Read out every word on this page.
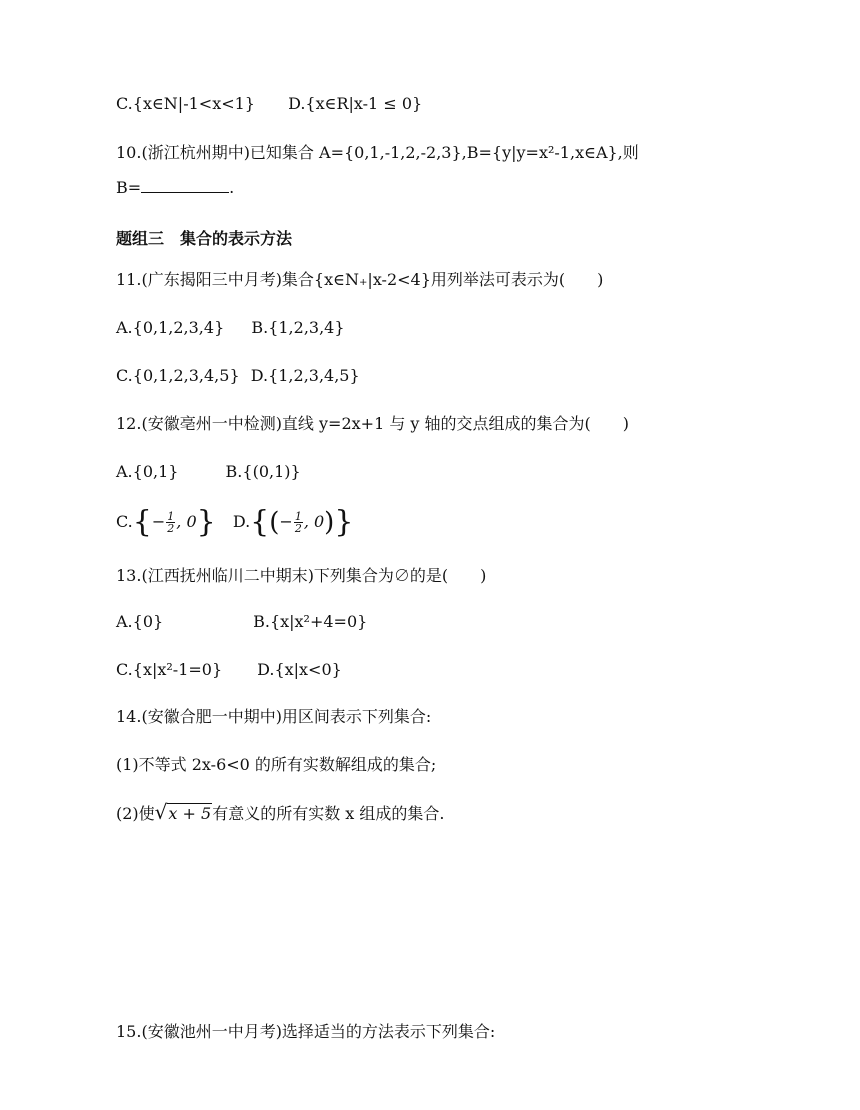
C.{x∈N|-1<x<1} D.{x∈R|x-1 ≤ 0}
10.(浙江杭州期中)已知集合 A={0,1,-1,2,-2,3},B={y|y=x²-1,x∈A},则
B=	.
题组三　集合的表示方法
11.(广东揭阳三中月考)集合{x∈N₊|x-2<4}用列举法可表示为(　　)
A.{0,1,2,3,4} B.{1,2,3,4}
C.{0,1,2,3,4,5} D.{1,2,3,4,5}
12.(安徽亳州一中检测)直线 y=2x+1 与 y 轴的交点组成的集合为(　　)
A.{0,1}	B.{(0,1)}
$C.\{- \frac{1}{2}$ , 0} $D.\{(- \frac{1}{2}$ , 0)}
13.(江西抚州临川二中期末)下列集合为∅的是(　　)
A.{0}	B.{x|x²+4=0}
C.{x|x²-1=0} D.{x|x<0}
14.(安徽合肥一中期中)用区间表示下列集合:
(1)不等式 2x-6<0 的所有实数解组成的集合;
(2)使√x + 5有意义的所有实数 x 组成的集合.
15.(安徽池州一中月考)选择适当的方法表示下列集合:
